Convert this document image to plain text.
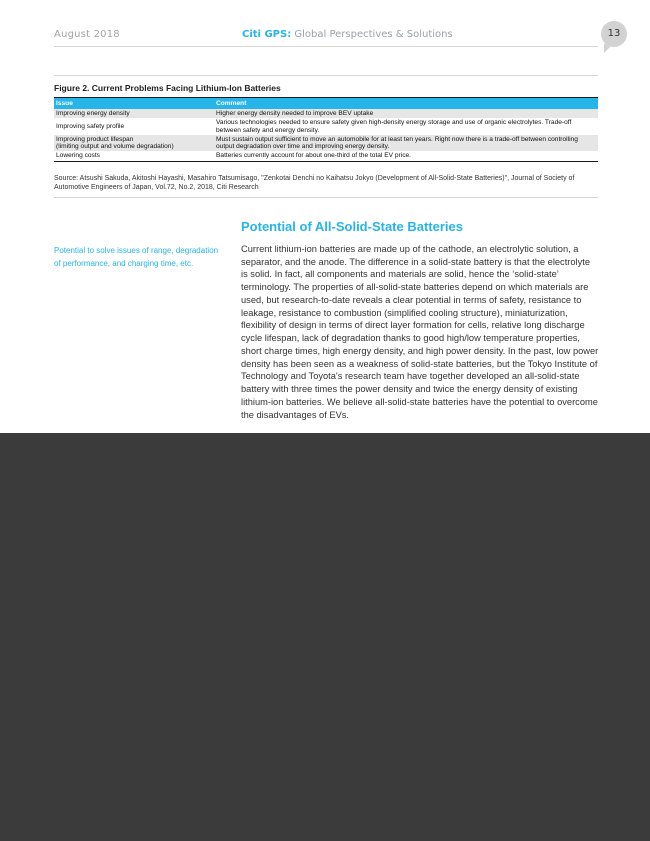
August 2018	Citi GPS: Global Perspectives & Solutions	13
Figure 2. Current Problems Facing Lithium-Ion Batteries
Issue	Comment
Improving energy density	Higher energy density needed to improve BEV uptake
Improving safety profile	Various technologies needed to ensure safety given high-density energy storage and use of organic electrolytes. Trade-off between safety and energy density.
Improving product lifespan
(limiting output and volume degradation)	Must sustain output sufficient to move an automobile for at least ten years. Right now there is a trade-off between controlling output degradation over time and improving energy density.
Lowering costs	Batteries currently account for about one-third of the total EV price.
Source: Atsushi Sakuda, Akitoshi Hayashi, Masahiro Tatsumisago, "Zenkotai Denchi no Kaihatsu Jokyo (Development of All-Solid-State Batteries)", Journal of Society of Automotive Engineers of Japan, Vol.72, No.2, 2018, Citi Research
Potential of All-Solid-State Batteries
Potential to solve issues of range, degradation of performance, and charging time, etc.
Current lithium-ion batteries are made up of the cathode, an electrolytic solution, a separator, and the anode. The difference in a solid-state battery is that the electrolyte is solid. In fact, all components and materials are solid, hence the ‘solid-state’ terminology. The properties of all-solid-state batteries depend on which materials are used, but research-to-date reveals a clear potential in terms of safety, resistance to leakage, resistance to combustion (simplified cooling structure), miniaturization, flexibility of design in terms of direct layer formation for cells, relative long discharge cycle lifespan, lack of degradation thanks to good high/low temperature properties, short charge times, high energy density, and high power density. In the past, low power density has been seen as a weakness of solid-state batteries, but the Tokyo Institute of Technology and Toyota's research team have together developed an all-solid-state battery with three times the power density and twice the energy density of existing lithium-ion batteries. We believe all-solid-state batteries have the potential to overcome the disadvantages of EVs.
